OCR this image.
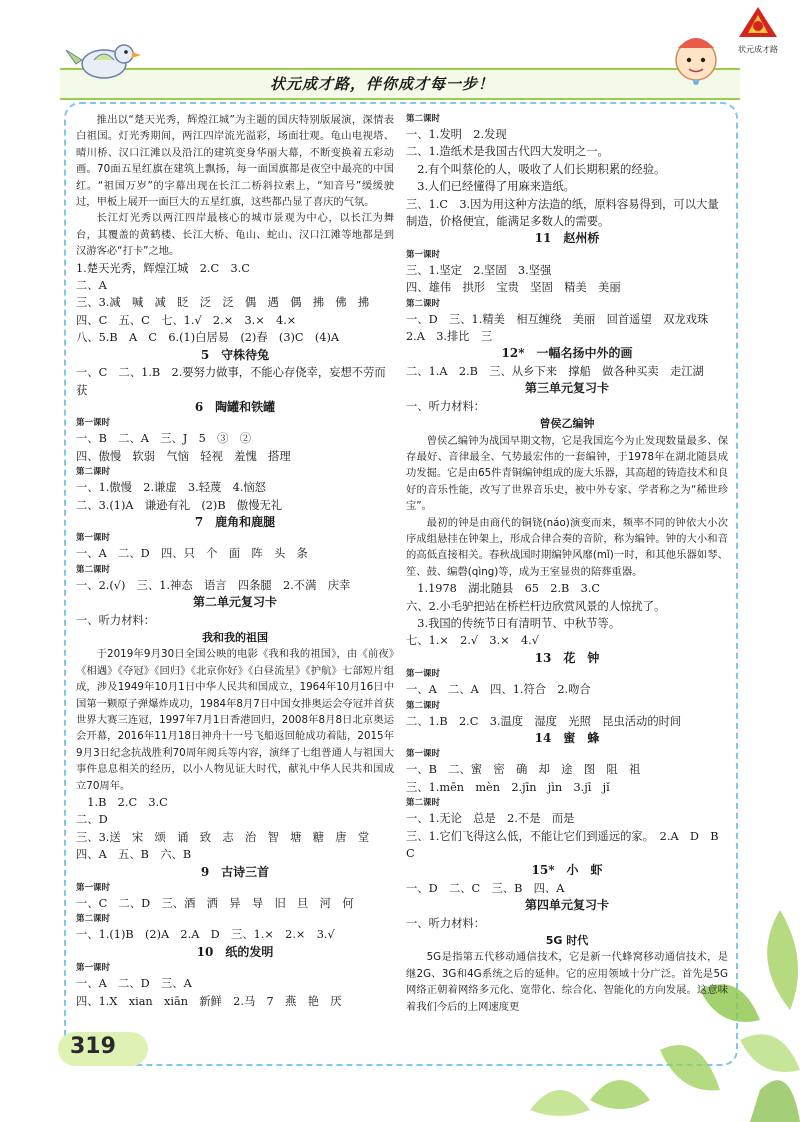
状元成才路
状元成才路，伴你成才每一步！
319

推出以“楚天光秀，辉煌江城”为主题的国庆特别版展演，深情表白祖国。灯光秀期间，两江四岸流光溢彩，场面壮观。龟山电视塔、晴川桥、汉口江滩以及沿江的建筑变身华丽大幕，不断变换着五彩动画。70面五星红旗在建筑上飘扬，每一面国旗都是夜空中最亮的中国红。“祖国万岁”的字幕出现在长江二桥斜拉索上，“知音号”缓缓驶过，甲板上展开一面巨大的五星红旗，这些都凸显了喜庆的气氛。

长江灯光秀以两江四岸最核心的城市景观为中心，以长江为舞台，其覆盖的黄鹤楼、长江大桥、龟山、蛇山、汉口江滩等地都是到汉游客必“打卡”之地。

1.楚天光秀，辉煌江城　2.C　3.C

二、A

三、3.减　喊　减　眨　泛　泛　偶　遇　偶　拂　佛　拂

四、C　五、C　七、1.√　2.×　3.×　4.×

八、5.B　A　C　6.(1)白居易　(2)春　(3)C　(4)A

5　守株待兔

一、C　二、1.B　2.要努力做事，不能心存侥幸，妄想不劳而获

6　陶罐和铁罐

第一课时

一、B　二、A　三、J　5　③　②

四、傲慢　软弱　气恼　轻视　羞愧　搭理

第二课时

一、1.傲慢　2.谦虚　3.轻蔑　4.恼怒

二、3.(1)A　谦逊有礼　(2)B　傲慢无礼

7　鹿角和鹿腿

第一课时

一、A　二、D　四、只　个　面　阵　头　条

第二课时

一、2.(√)　三、1.神态　语言　四条腿　2.不满　庆幸

第二单元复习卡

一、听力材料：

我和我的祖国

于2019年9月30日全国公映的电影《我和我的祖国》，由《前夜》《相遇》《夺冠》《回归》《北京你好》《白昼流星》《护航》七部短片组成，涉及1949年10月1日中华人民共和国成立，1964年10月16日中国第一颗原子弹爆炸成功，1984年8月7日中国女排奥运会夺冠并首获世界大赛三连冠，1997年7月1日香港回归，2008年8月8日北京奥运会开幕，2016年11月18日神舟十一号飞船返回舱成功着陆，2015年9月3日纪念抗战胜利70周年阅兵等内容，演绎了七组普通人与祖国大事件息息相关的经历，以小人物见证大时代，献礼中华人民共和国成立70周年。

　1.B　2.C　3.C

二、D

三、3.送　宋　颂　诵　致　志　治　智　塘　糖　唐　堂

四、A　五、B　六、B

9　古诗三首

第一课时

一、C　二、D　三、酒　洒　异　导　旧　旦　河　何

第二课时

一、1.(1)B　(2)A　2.A　D　三、1.×　2.×　3.√

10　纸的发明

第一课时

一、A　二、D　三、A

四、1.X　xian　xiān　新鲜　2.马　7　燕　艳　厌

第二课时

一、1.发明　2.发现

二、1.造纸术是我国古代四大发明之一。

　2.有个叫蔡伦的人，吸收了人们长期积累的经验。

　3.人们已经懂得了用麻来造纸。

三、1.C　3.因为用这种方法造的纸，原料容易得到，可以大量制造，价格便宜，能满足多数人的需要。

11　赵州桥

第一课时

三、1.坚定　2.坚固　3.坚强

四、雄伟　拱形　宝贵　坚固　精美　美丽

第二课时

一、D　三、1.精美　相互缠绕　美丽　回首遥望　双龙戏珠

2.A　3.排比　三

12*　一幅名扬中外的画

二、1.A　2.B　三、从乡下来　撑船　做各种买卖　走江湖

第三单元复习卡

一、听力材料：

曾侯乙编钟

曾侯乙编钟为战国早期文物，它是我国迄今为止发现数量最多、保存最好、音律最全、气势最宏伟的一套编钟，于1978年在湖北随县成功发掘。它是由65件青铜编钟组成的庞大乐器，其高超的铸造技术和良好的音乐性能，改写了世界音乐史，被中外专家、学者称之为“稀世珍宝”。

最初的钟是由商代的铜铙(náo)演变而来，频率不同的钟依大小次序成组悬挂在钟架上，形成合律合奏的音阶，称为编钟。钟的大小和音的高低直接相关。春秋战国时期编钟风靡(mǐ)一时，和其他乐器如琴、笙、鼓、编磬(qìng)等，成为王室显贵的陪葬重器。

　1.1978　湖北随县　65　2.B　3.C

六、2.小毛驴把站在桥栏杆边欣赏风景的人惊扰了。

　3.我国的传统节日有清明节、中秋节等。

七、1.×　2.√　3.×　4.√

13　花　钟

第一课时

一、A　二、A　四、1.符合　2.吻合

第二课时

二、1.B　2.C　3.温度　湿度　光照　昆虫活动的时间

14　蜜　蜂

第一课时

一、B　二、蜜　密　确　却　途　图　阻　祖

三、1.mēn　mèn　2.jīn　jìn　3.jī　jǐ

第二课时

一、1.无论　总是　2.不是　而是

三、1.它们飞得这么低，不能让它们到遥远的家。　2.A　D　B　C

15*　小　虾

一、D　二、C　三、B　四、A

第四单元复习卡

一、听力材料：

5G 时代

5G是指第五代移动通信技术，它是新一代蜂窝移动通信技术，是继2G、3G和4G系统之后的延伸。它的应用领域十分广泛。首先是5G网络正朝着网络多元化、宽带化、综合化、智能化的方向发展。这意味着我们今后的上网速度更
